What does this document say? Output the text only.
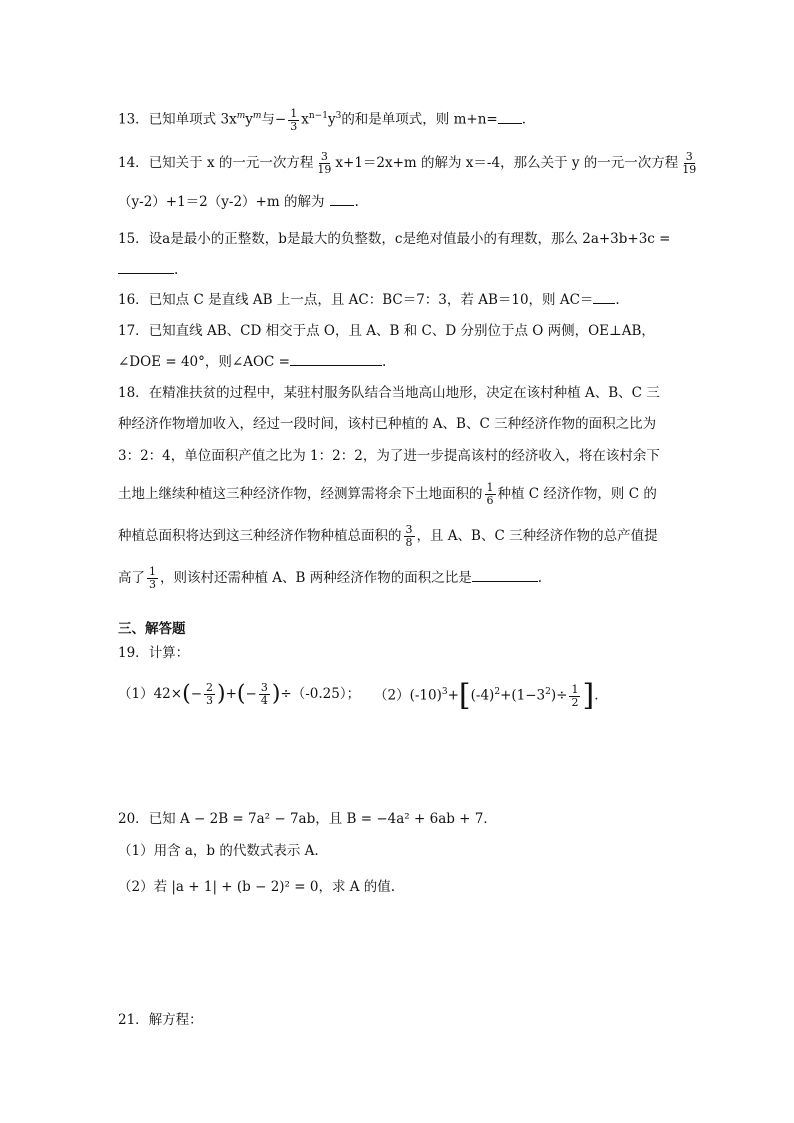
13．已知单项式 $3x^my^m$与− $\frac{1}{3} x^{n-1}y^3$的和是单项式，则 m+n= .
14．已知关于 x 的一元一次方程 $\frac{3}{19} x+1=2x+m$ 的解为 x＝-4，那么关于 y 的一元一次方程 $\frac{3}{19}$
（y-2）+1＝2（y-2）+m 的解为 .
15．设a是最小的正整数，b是最大的负整数，c是绝对值最小的有理数，那么 2a+3b+3c =
.
16．已知点 C 是直线 AB 上一点，且 AC：BC＝7：3，若 AB＝10，则 AC＝ .
17．已知直线 AB、CD 相交于点 O，且 A、B 和 C、D 分别位于点 O 两侧，OE⊥AB，
∠DOE = 40°，则∠AOC =	.
18．在精准扶贫的过程中，某驻村服务队结合当地高山地形，决定在该村种植 A、B、C 三
种经济作物增加收入，经过一段时间，该村已种植的 A、B、C 三种经济作物的面积之比为
3：2：4，单位面积产值之比为 1：2：2，为了进一步提高该村的经济收入，将在该村余下
土地上继续种植这三种经济作物，经测算需将余下土地面积的 $\frac{1}{6}$ 种植 C 经济作物，则 C 的
种植总面积将达到这三种经济作物种植总面积的 $\frac{3}{8}$ ，且 A、B、C 三种经济作物的总产值提
高了 $\frac{1}{3}$ ，则该村还需种植 A、B 两种经济作物的面积之比是	.
三、解答题
19．计算：
$(1)42\times(- \frac{2}{3}$ )+(− $\frac{3}{4} )\div(-0.25)$； $(2)(-10)^3+[(-4)^2+(1-3^2)\div \frac{1}{2}$ ].
20．已知 A − 2B = 7a² − 7ab，且 B = −4a² + 6ab + 7．
（1）用含 a，b 的代数式表示 A.
（2）若 |a + 1| + (b − 2)² = 0，求 A 的值.
21．解方程：
